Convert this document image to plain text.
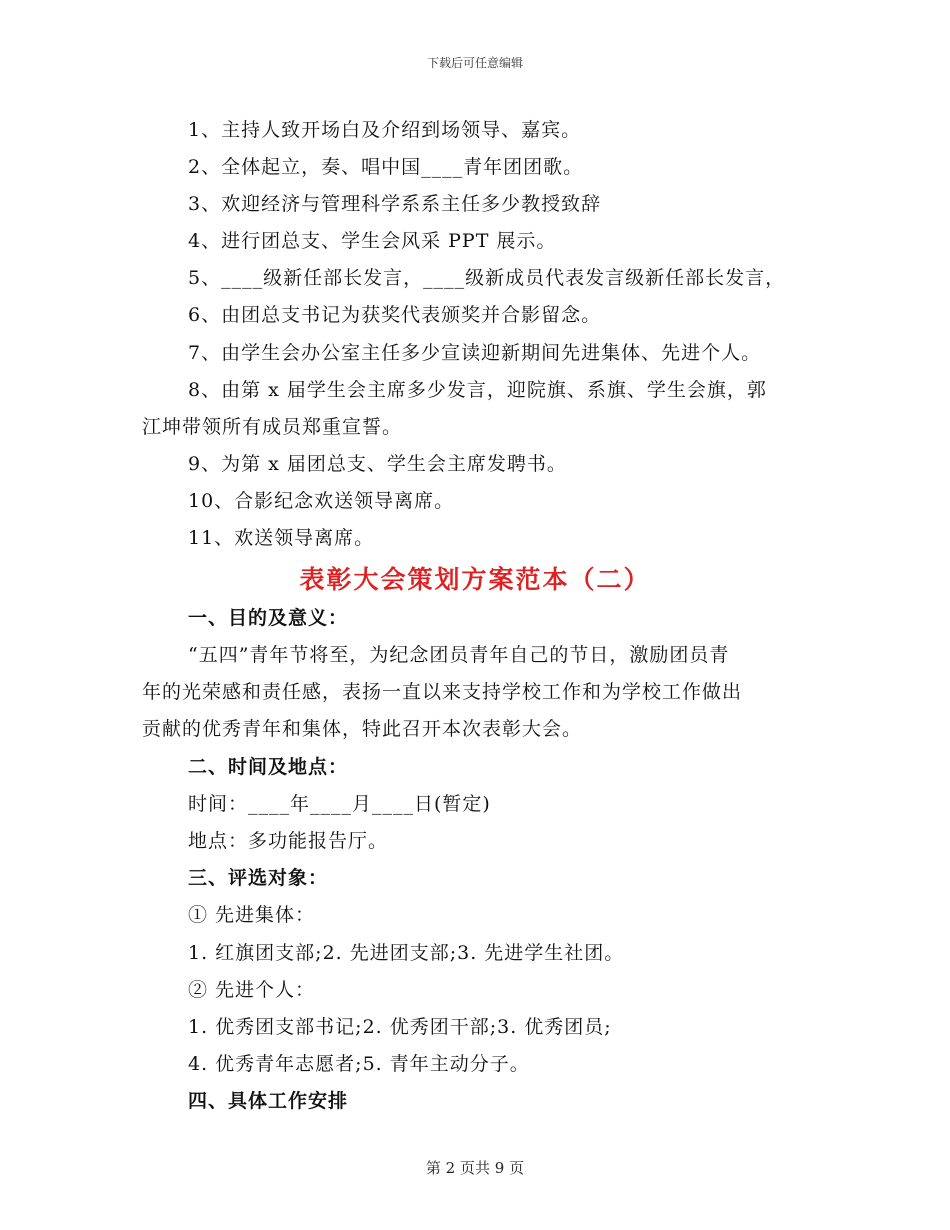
下载后可任意编辑
1、主持人致开场白及介绍到场领导、嘉宾。
2、全体起立，奏、唱中国____青年团团歌。
3、欢迎经济与管理科学系系主任多少教授致辞
4、进行团总支、学生会风采 PPT 展示。
5、____级新任部长发言，____级新成员代表发言级新任部长发言，
6、由团总支书记为获奖代表颁奖并合影留念。
7、由学生会办公室主任多少宣读迎新期间先进集体、先进个人。
8、由第 x 届学生会主席多少发言，迎院旗、系旗、学生会旗，郭
江坤带领所有成员郑重宣誓。
9、为第 x 届团总支、学生会主席发聘书。
10、合影纪念欢送领导离席。
11、欢送领导离席。
表彰大会策划方案范本（二）
一、目的及意义：
“五四”青年节将至，为纪念团员青年自己的节日，激励团员青
年的光荣感和责任感，表扬一直以来支持学校工作和为学校工作做出
贡献的优秀青年和集体，特此召开本次表彰大会。
二、时间及地点：
时间：____年____月____日(暂定)
地点：多功能报告厅。
三、评选对象：
① 先进集体：
1. 红旗团支部;2. 先进团支部;3. 先进学生社团。
② 先进个人：
1. 优秀团支部书记;2. 优秀团干部;3. 优秀团员;
4. 优秀青年志愿者;5. 青年主动分子。
四、具体工作安排
第 2 页共 9 页
